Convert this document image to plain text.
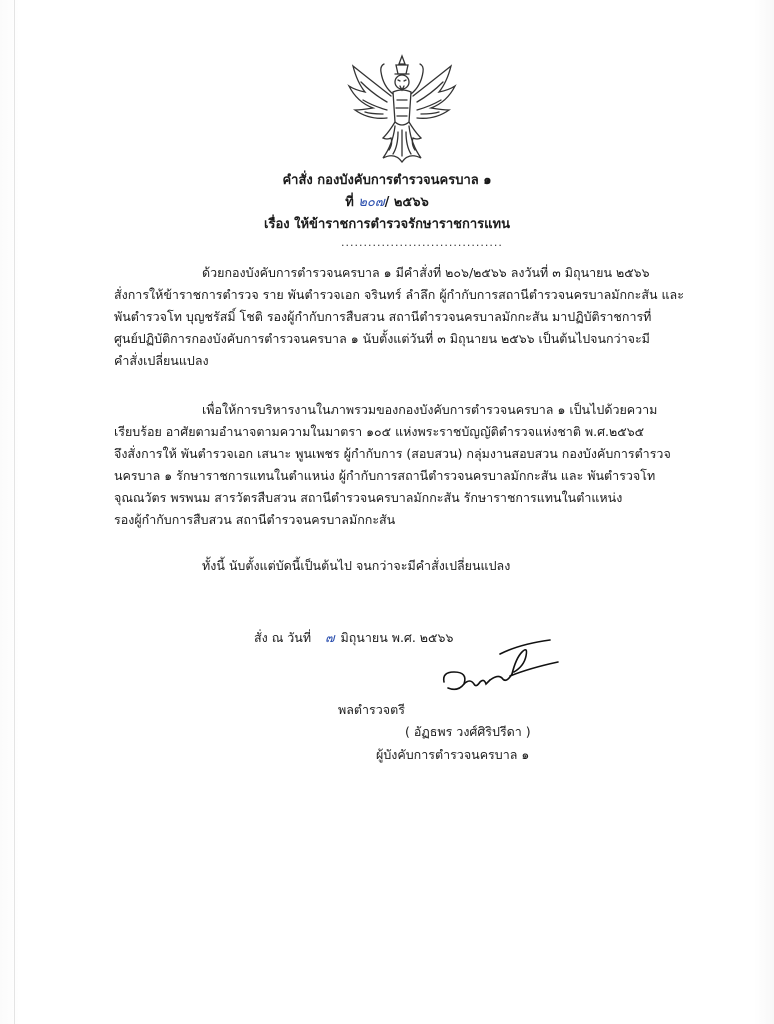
คำสั่ง กองบังคับการตำรวจนครบาล ๑
ที่ ๒๐๗/ ๒๕๖๖
เรื่อง ให้ข้าราชการตำรวจรักษาราชการแทน
....................................

ด้วยกองบังคับการตำรวจนครบาล ๑ มีคำสั่งที่ ๒๐๖/๒๕๖๖ ลงวันที่ ๓ มิถุนายน ๒๕๖๖

สั่งการให้ข้าราชการตำรวจ ราย พันตำรวจเอก จรินทร์ ลำลึก ผู้กำกับการสถานีตำรวจนครบาลมักกะสัน และ

พันตำรวจโท บุญชรัสมิ์ โชติ รองผู้กำกับการสืบสวน สถานีตำรวจนครบาลมักกะสัน มาปฏิบัติราชการที่

ศูนย์ปฏิบัติการกองบังคับการตำรวจนครบาล ๑ นับตั้งแต่วันที่ ๓ มิถุนายน ๒๕๖๖ เป็นต้นไปจนกว่าจะมี

คำสั่งเปลี่ยนแปลง

เพื่อให้การบริหารงานในภาพรวมของกองบังคับการตำรวจนครบาล ๑ เป็นไปด้วยความ

เรียบร้อย อาศัยตามอำนาจตามความในมาตรา ๑๐๕ แห่งพระราชบัญญัติตำรวจแห่งชาติ พ.ศ.๒๕๖๕

จึงสั่งการให้ พันตำรวจเอก เสนาะ พูนเพชร ผู้กำกับการ (สอบสวน) กลุ่มงานสอบสวน กองบังคับการตำรวจ

นครบาล ๑ รักษาราชการแทนในตำแหน่ง ผู้กำกับการสถานีตำรวจนครบาลมักกะสัน และ พันตำรวจโท

จุณณวัตร พรพนม สารวัตรสืบสวน สถานีตำรวจนครบาลมักกะสัน รักษาราชการแทนในตำแหน่ง

รองผู้กำกับการสืบสวน สถานีตำรวจนครบาลมักกะสัน

ทั้งนี้ นับตั้งแต่บัดนี้เป็นต้นไป จนกว่าจะมีคำสั่งเปลี่ยนแปลง
สั่ง ณ วันที่ ๗ มิถุนายน พ.ศ. ๒๕๖๖
พลตำรวจตรี
( อัฏธพร วงศ์ศิริปรีดา )
ผู้บังคับการตำรวจนครบาล ๑
